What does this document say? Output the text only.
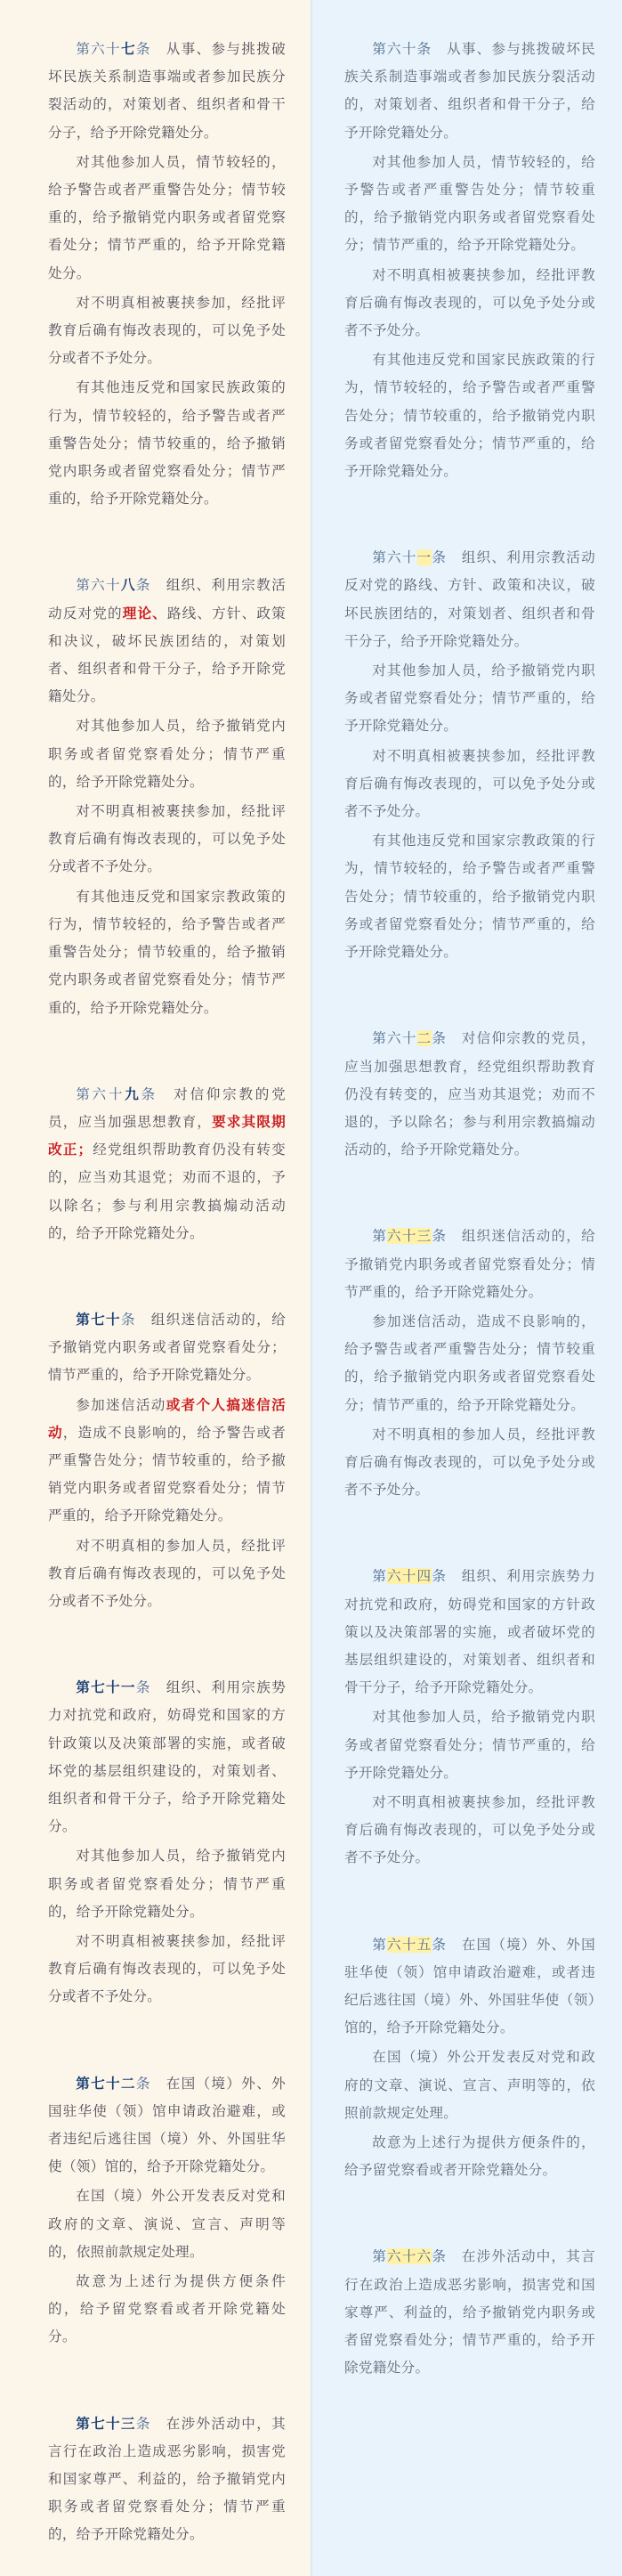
第六十七条　从事、参与挑拨破坏民族关系制造事端或者参加民族分裂活动的，对策划者、组织者和骨干分子，给予开除党籍处分。

对其他参加人员，情节较轻的，给予警告或者严重警告处分；情节较重的，给予撤销党内职务或者留党察看处分；情节严重的，给予开除党籍处分。

对不明真相被裹挟参加，经批评教育后确有悔改表现的，可以免予处分或者不予处分。

有其他违反党和国家民族政策的行为，情节较轻的，给予警告或者严重警告处分；情节较重的，给予撤销党内职务或者留党察看处分；情节严重的，给予开除党籍处分。

第六十八条　组织、利用宗教活动反对党的理论、路线、方针、政策和决议，破坏民族团结的，对策划者、组织者和骨干分子，给予开除党籍处分。

对其他参加人员，给予撤销党内职务或者留党察看处分；情节严重的，给予开除党籍处分。

对不明真相被裹挟参加，经批评教育后确有悔改表现的，可以免予处分或者不予处分。

有其他违反党和国家宗教政策的行为，情节较轻的，给予警告或者严重警告处分；情节较重的，给予撤销党内职务或者留党察看处分；情节严重的，给予开除党籍处分。

第六十九条　对信仰宗教的党员，应当加强思想教育，要求其限期改正；经党组织帮助教育仍没有转变的，应当劝其退党；劝而不退的，予以除名；参与利用宗教搞煽动活动的，给予开除党籍处分。

第七十条　组织迷信活动的，给予撤销党内职务或者留党察看处分；情节严重的，给予开除党籍处分。

参加迷信活动或者个人搞迷信活动，造成不良影响的，给予警告或者严重警告处分；情节较重的，给予撤销党内职务或者留党察看处分；情节严重的，给予开除党籍处分。

对不明真相的参加人员，经批评教育后确有悔改表现的，可以免予处分或者不予处分。

第七十一条　组织、利用宗族势力对抗党和政府，妨碍党和国家的方针政策以及决策部署的实施，或者破坏党的基层组织建设的，对策划者、组织者和骨干分子，给予开除党籍处分。

对其他参加人员，给予撤销党内职务或者留党察看处分；情节严重的，给予开除党籍处分。

对不明真相被裹挟参加，经批评教育后确有悔改表现的，可以免予处分或者不予处分。

第七十二条　在国（境）外、外国驻华使（领）馆申请政治避难，或者违纪后逃往国（境）外、外国驻华使（领）馆的，给予开除党籍处分。

在国（境）外公开发表反对党和政府的文章、演说、宣言、声明等的，依照前款规定处理。

故意为上述行为提供方便条件的，给予留党察看或者开除党籍处分。

第七十三条　在涉外活动中，其言行在政治上造成恶劣影响，损害党和国家尊严、利益的，给予撤销党内职务或者留党察看处分；情节严重的，给予开除党籍处分。

第六十条　从事、参与挑拨破坏民族关系制造事端或者参加民族分裂活动的，对策划者、组织者和骨干分子，给予开除党籍处分。

对其他参加人员，情节较轻的，给予警告或者严重警告处分；情节较重的，给予撤销党内职务或者留党察看处分；情节严重的，给予开除党籍处分。

对不明真相被裹挟参加，经批评教育后确有悔改表现的，可以免予处分或者不予处分。

有其他违反党和国家民族政策的行为，情节较轻的，给予警告或者严重警告处分；情节较重的，给予撤销党内职务或者留党察看处分；情节严重的，给予开除党籍处分。

第六十一条　组织、利用宗教活动反对党的路线、方针、政策和决议，破坏民族团结的，对策划者、组织者和骨干分子，给予开除党籍处分。

对其他参加人员，给予撤销党内职务或者留党察看处分；情节严重的，给予开除党籍处分。

对不明真相被裹挟参加，经批评教育后确有悔改表现的，可以免予处分或者不予处分。

有其他违反党和国家宗教政策的行为，情节较轻的，给予警告或者严重警告处分；情节较重的，给予撤销党内职务或者留党察看处分；情节严重的，给予开除党籍处分。

第六十二条　对信仰宗教的党员，应当加强思想教育，经党组织帮助教育仍没有转变的，应当劝其退党；劝而不退的，予以除名；参与利用宗教搞煽动活动的，给予开除党籍处分。

第六十三条　组织迷信活动的，给予撤销党内职务或者留党察看处分；情节严重的，给予开除党籍处分。

参加迷信活动，造成不良影响的，给予警告或者严重警告处分；情节较重的，给予撤销党内职务或者留党察看处分；情节严重的，给予开除党籍处分。

对不明真相的参加人员，经批评教育后确有悔改表现的，可以免予处分或者不予处分。

第六十四条　组织、利用宗族势力对抗党和政府，妨碍党和国家的方针政策以及决策部署的实施，或者破坏党的基层组织建设的，对策划者、组织者和骨干分子，给予开除党籍处分。

对其他参加人员，给予撤销党内职务或者留党察看处分；情节严重的，给予开除党籍处分。

对不明真相被裹挟参加，经批评教育后确有悔改表现的，可以免予处分或者不予处分。

第六十五条　在国（境）外、外国驻华使（领）馆申请政治避难，或者违纪后逃往国（境）外、外国驻华使（领）馆的，给予开除党籍处分。

在国（境）外公开发表反对党和政府的文章、演说、宣言、声明等的，依照前款规定处理。

故意为上述行为提供方便条件的，给予留党察看或者开除党籍处分。

第六十六条　在涉外活动中，其言行在政治上造成恶劣影响，损害党和国家尊严、利益的，给予撤销党内职务或者留党察看处分；情节严重的，给予开除党籍处分。
